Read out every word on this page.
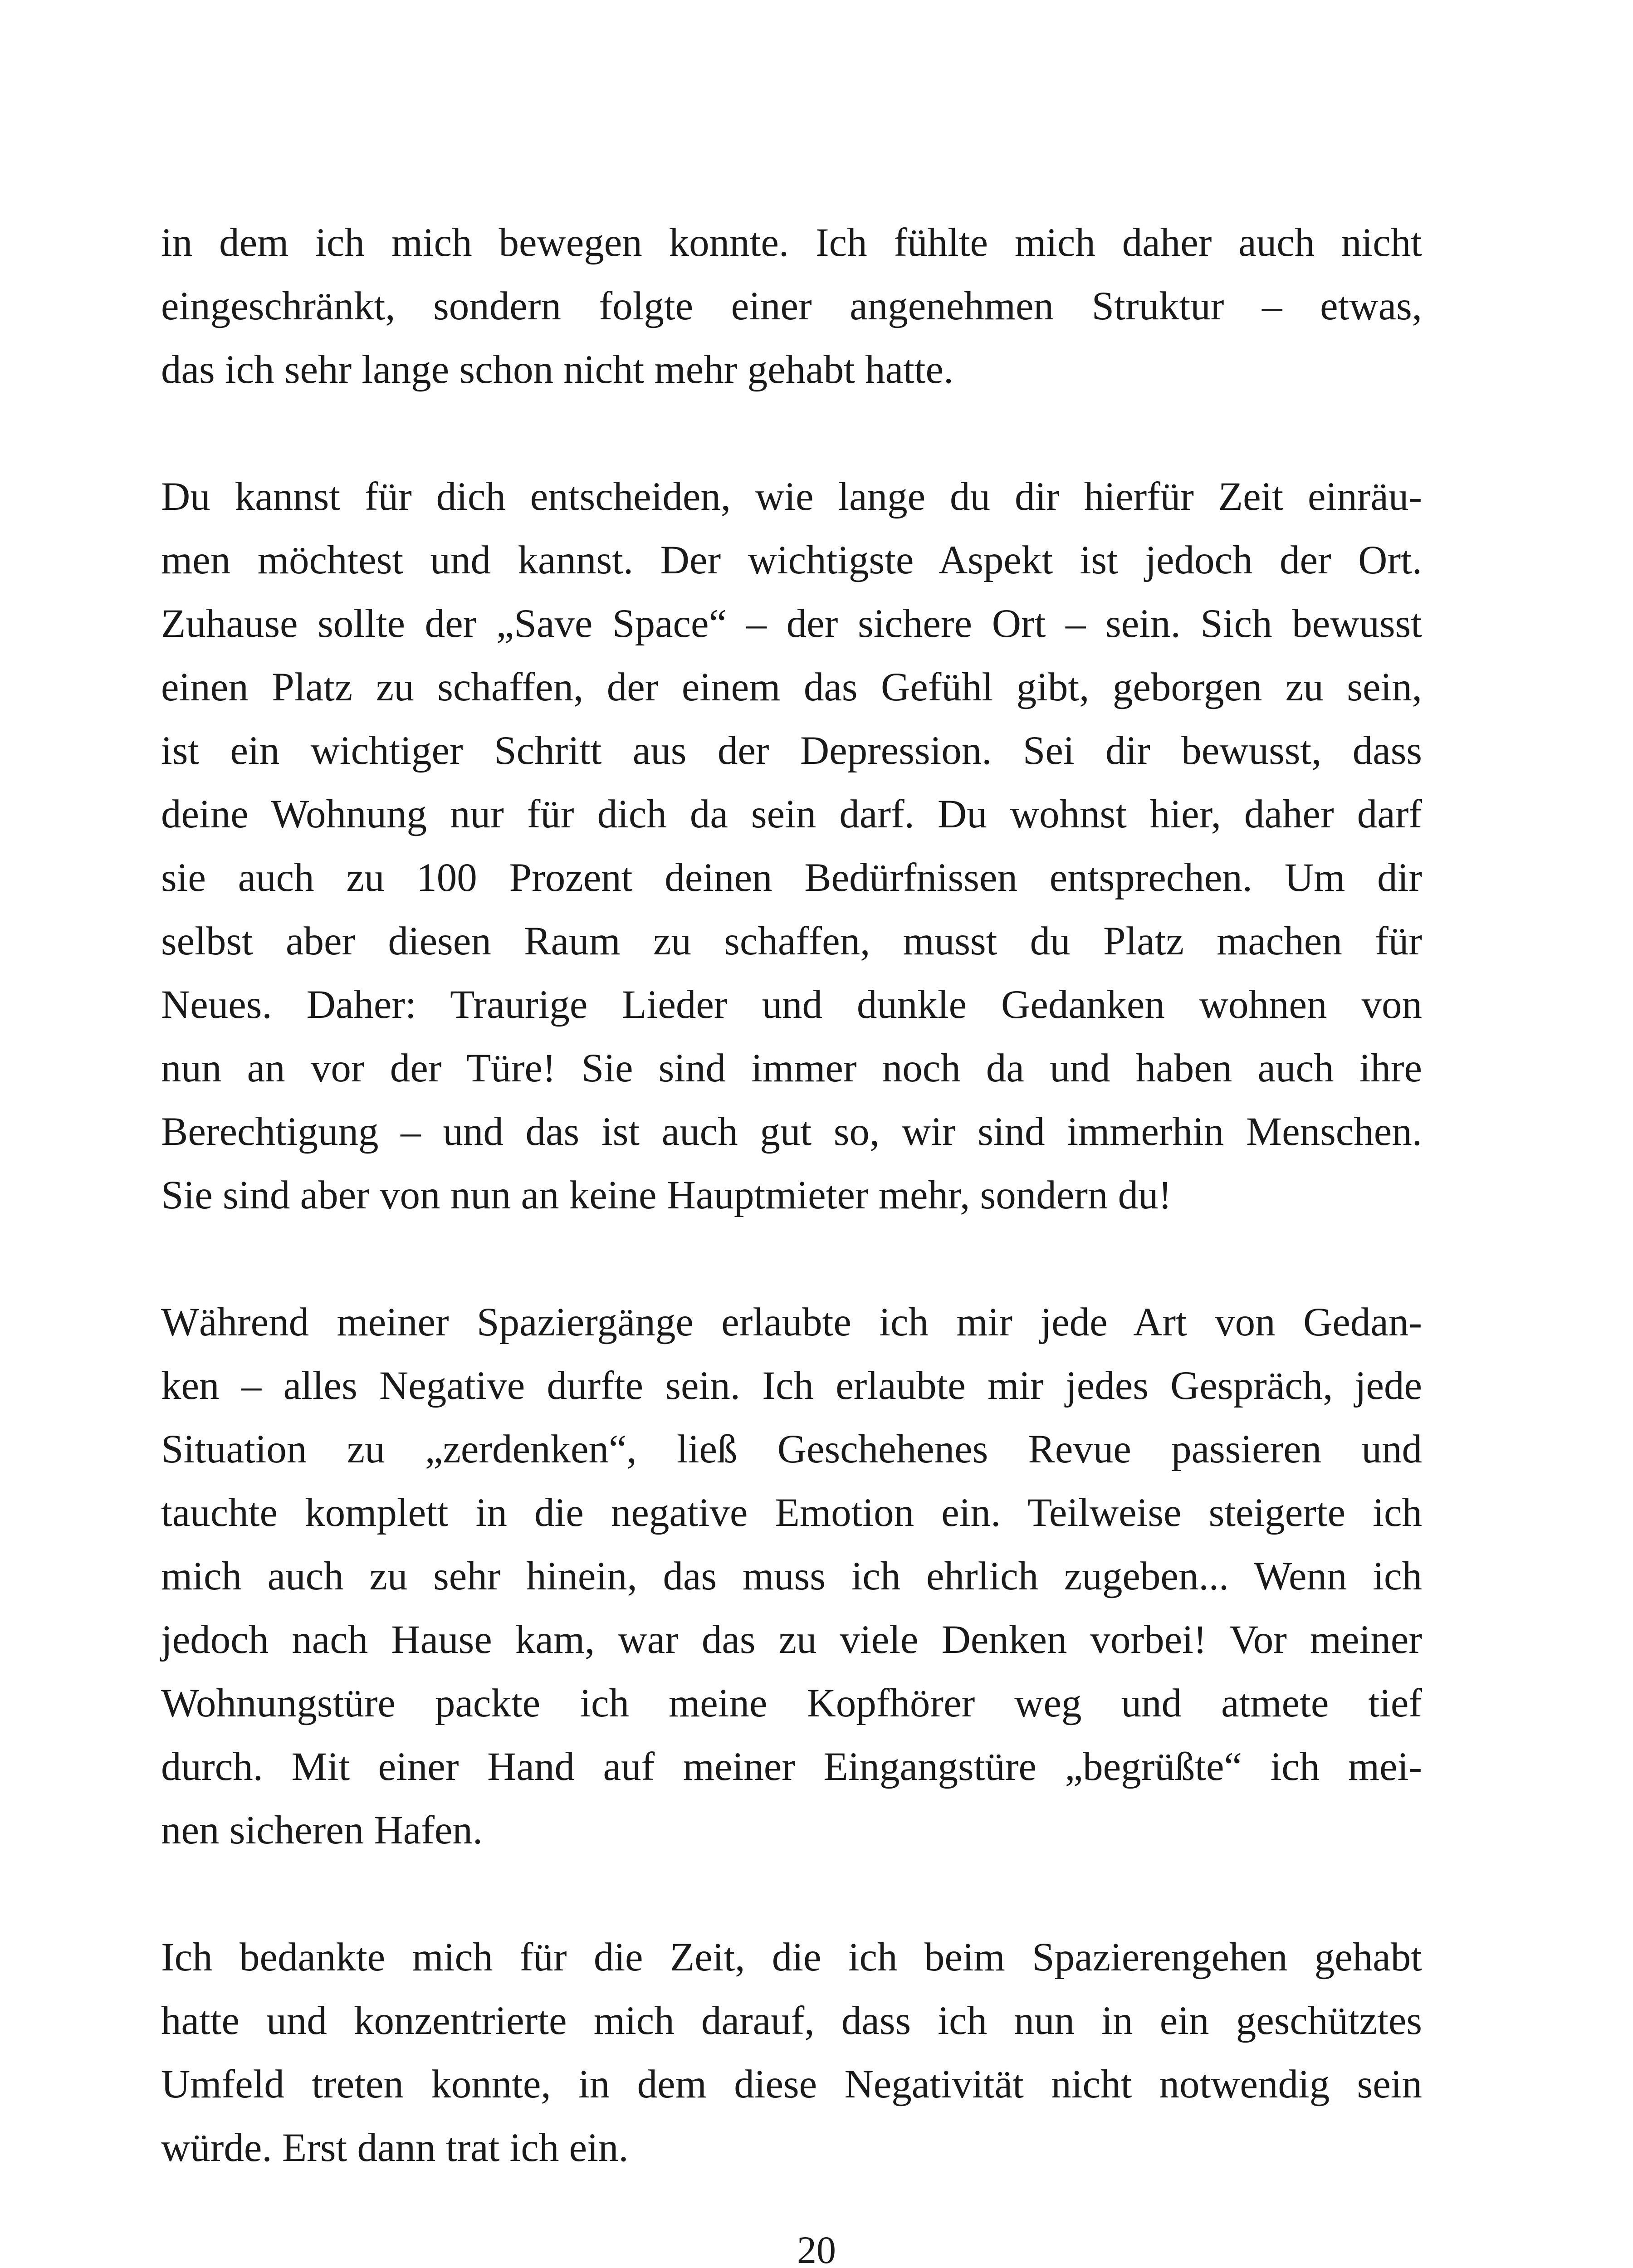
in dem ich mich bewegen konnte. Ich fühlte mich daher auch nicht
eingeschränkt, sondern folgte einer angenehmen Struktur – etwas,
das ich sehr lange schon nicht mehr gehabt hatte.
Du kannst für dich entscheiden, wie lange du dir hierfür Zeit einräu-
men möchtest und kannst. Der wichtigste Aspekt ist jedoch der Ort.
Zuhause sollte der „Save Space“ – der sichere Ort – sein. Sich bewusst
einen Platz zu schaffen, der einem das Gefühl gibt, geborgen zu sein,
ist ein wichtiger Schritt aus der Depression. Sei dir bewusst, dass
deine Wohnung nur für dich da sein darf. Du wohnst hier, daher darf
sie auch zu 100 Prozent deinen Bedürfnissen entsprechen. Um dir
selbst aber diesen Raum zu schaffen, musst du Platz machen für
Neues. Daher: Traurige Lieder und dunkle Gedanken wohnen von
nun an vor der Türe! Sie sind immer noch da und haben auch ihre
Berechtigung – und das ist auch gut so, wir sind immerhin Menschen.
Sie sind aber von nun an keine Hauptmieter mehr, sondern du!
Während meiner Spaziergänge erlaubte ich mir jede Art von Gedan-
ken – alles Negative durfte sein. Ich erlaubte mir jedes Gespräch, jede
Situation zu „zerdenken“, ließ Geschehenes Revue passieren und
tauchte komplett in die negative Emotion ein. Teilweise steigerte ich
mich auch zu sehr hinein, das muss ich ehrlich zugeben... Wenn ich
jedoch nach Hause kam, war das zu viele Denken vorbei! Vor meiner
Wohnungstüre packte ich meine Kopfhörer weg und atmete tief
durch. Mit einer Hand auf meiner Eingangstüre „begrüßte“ ich mei-
nen sicheren Hafen.
Ich bedankte mich für die Zeit, die ich beim Spazierengehen gehabt
hatte und konzentrierte mich darauf, dass ich nun in ein geschütztes
Umfeld treten konnte, in dem diese Negativität nicht notwendig sein
würde. Erst dann trat ich ein.
20
